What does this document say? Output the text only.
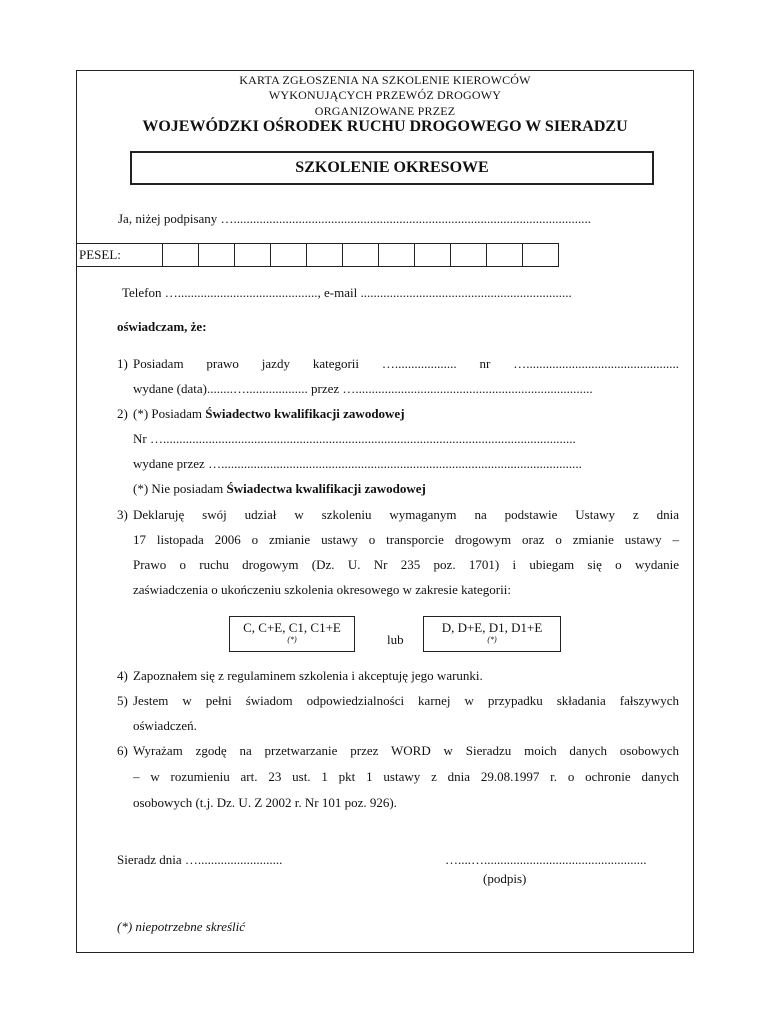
KARTA ZGŁOSZENIA NA SZKOLENIE KIEROWCÓW
WYKONUJĄCYCH PRZEWÓZ DROGOWY
ORGANIZOWANE PRZEZ
WOJEWÓDZKI OŚRODEK RUCHU DROGOWEGO W SIERADZU
SZKOLENIE OKRESOWE
Ja, niżej podpisany …..............................................................................................................
PESEL:
Telefon …..........................................., e-mail .................................................................
oświadczam, że:
1) Posiadam prawo jazdy kategorii …................... nr …...............................................
wydane (data)........…................... przez ….........................................................................
2) (*) Posiadam Świadectwo kwalifikacji zawodowej
Nr …...............................................................................................................................
wydane przez …...............................................................................................................
(*) Nie posiadam Świadectwa kwalifikacji zawodowej
3) Deklaruję swój udział w szkoleniu wymaganym na podstawie Ustawy z dnia
17 listopada 2006 o zmianie ustawy o transporcie drogowym oraz o zmianie ustawy –
Prawo o ruchu drogowym (Dz. U. Nr 235 poz. 1701) i ubiegam się o wydanie
zaświadczenia o ukończeniu szkolenia okresowego w zakresie kategorii:
C, C+E, C1, C1+E
(*)	lub
D, D+E, D1, D1+E
(*)
4) Zapoznałem się z regulaminem szkolenia i akceptuję jego warunki.
5) Jestem w pełni świadom odpowiedzialności karnej w przypadku składania fałszywych
oświadczeń.
6) Wyrażam zgodę na przetwarzanie przez WORD w Sieradzu moich danych osobowych
– w rozumieniu art. 23 ust. 1 pkt 1 ustawy z dnia 29.08.1997 r. o ochronie danych
osobowych (t.j. Dz. U. Z 2002 r. Nr 101 poz. 926).
Sieradz dnia …..........................	…....…..................................................
(podpis)
(*) niepotrzebne skreślić
